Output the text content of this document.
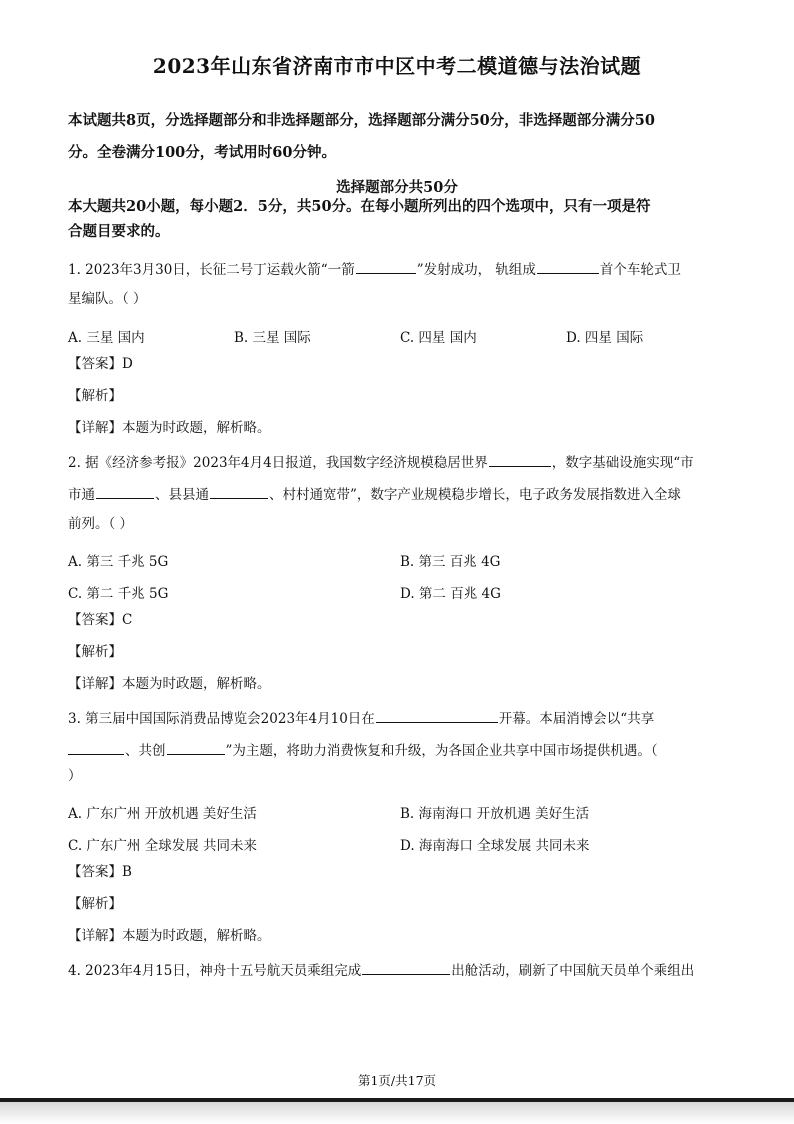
2023年山东省济南市市中区中考二模道德与法治试题
本试题共8页，分选择题部分和非选择题部分，选择题部分满分50分，非选择题部分满分50
分。全卷满分100分，考试用时60分钟。
选择题部分共50分
本大题共20小题，每小题2．5分，共50分。在每小题所列出的四个选项中，只有一项是符
合题目要求的。
1. 2023年3月30日，长征二号丁运载火箭“一箭	”发射成功， 轨组成	首个车轮式卫
星编队。（ ）
A. 三星 国内	B. 三星 国际	C. 四星 国内	D. 四星 国际
【答案】D
【解析】
【详解】本题为时政题，解析略。
2. 据《经济参考报》2023年4月4日报道，我国数字经济规模稳居世界	，数字基础设施实现“市
市通	、县县通	、村村通宽带”，数字产业规模稳步增长，电子政务发展指数进入全球
前列。（ ）
A. 第三 千兆 5G	B. 第三 百兆 4G
C. 第二 千兆 5G	D. 第二 百兆 4G
【答案】C
【解析】
【详解】本题为时政题，解析略。
3. 第三届中国国际消费品博览会2023年4月10日在	开幕。本届消博会以“共享
、共创	”为主题，将助力消费恢复和升级，为各国企业共享中国市场提供机遇。（
）
A. 广东广州 开放机遇 美好生活	B. 海南海口 开放机遇 美好生活
C. 广东广州 全球发展 共同未来	D. 海南海口 全球发展 共同未来
【答案】B
【解析】
【详解】本题为时政题，解析略。
4. 2023年4月15日，神舟十五号航天员乘组完成	出舱活动，刷新了中国航天员单个乘组出
第1页/共17页
